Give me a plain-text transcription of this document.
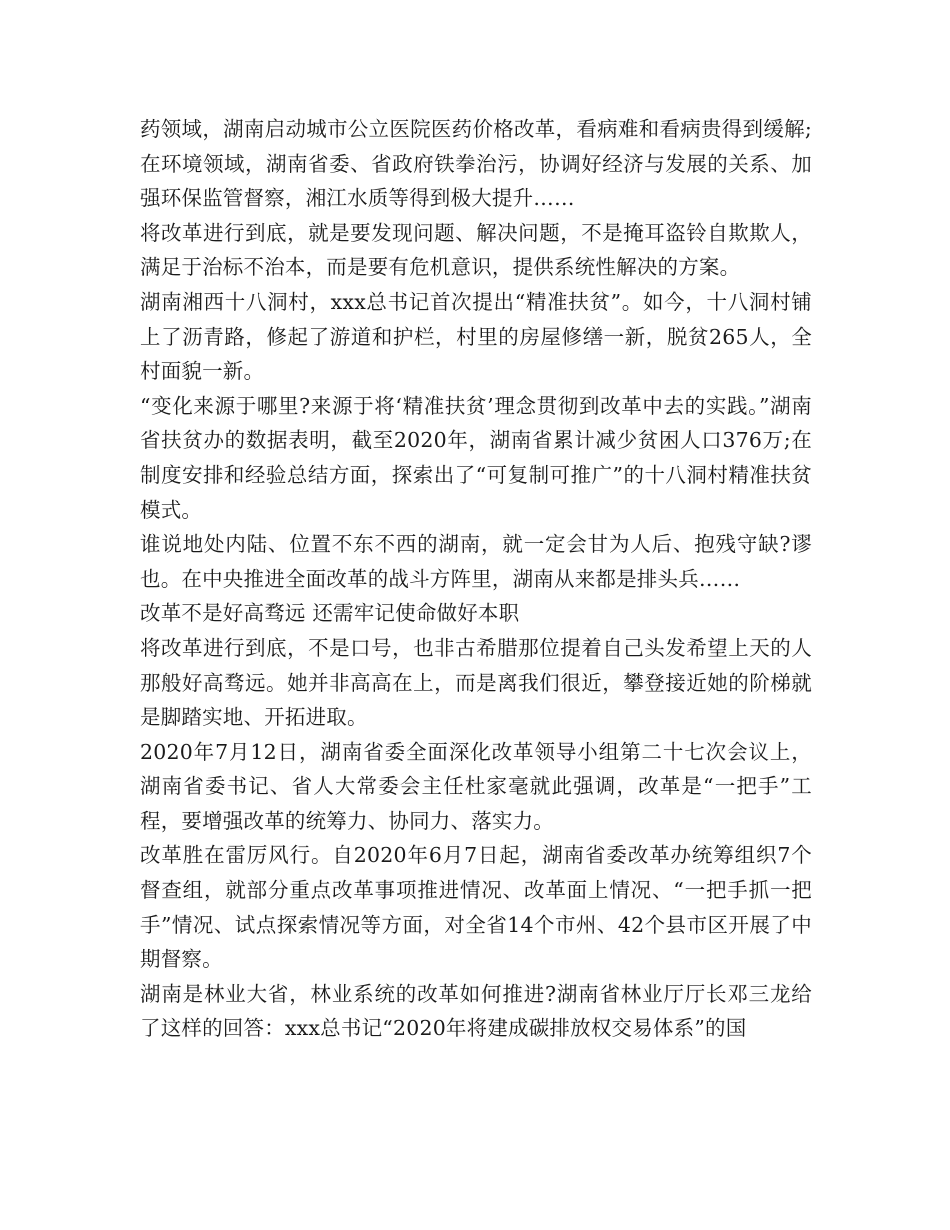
药领域，湖南启动城市公立医院医药价格改革，看病难和看病贵得到缓解;在环境领域，湖南省委、省政府铁拳治污，协调好经济与发展的关系、加强环保监管督察，湘江水质等得到极大提升……

将改革进行到底，就是要发现问题、解决问题，不是掩耳盗铃自欺欺人，满足于治标不治本，而是要有危机意识，提供系统性解决的方案。

湖南湘西十八洞村，xxx总书记首次提出“精准扶贫”。如今，十八洞村铺上了沥青路，修起了游道和护栏，村里的房屋修缮一新，脱贫265人，全村面貌一新。

“变化来源于哪里?来源于将‘精准扶贫’理念贯彻到改革中去的实践。”湖南省扶贫办的数据表明，截至2020年，湖南省累计减少贫困人口376万;在制度安排和经验总结方面，探索出了“可复制可推广”的十八洞村精准扶贫模式。

谁说地处内陆、位置不东不西的湖南，就一定会甘为人后、抱残守缺?谬也。在中央推进全面改革的战斗方阵里，湖南从来都是排头兵……

改革不是好高骛远 还需牢记使命做好本职

将改革进行到底，不是口号，也非古希腊那位提着自己头发希望上天的人那般好高骛远。她并非高高在上，而是离我们很近，攀登接近她的阶梯就是脚踏实地、开拓进取。

2020年7月12日，湖南省委全面深化改革领导小组第二十七次会议上，湖南省委书记、省人大常委会主任杜家毫就此强调，改革是“一把手”工程，要增强改革的统筹力、协同力、落实力。

改革胜在雷厉风行。自2020年6月7日起，湖南省委改革办统筹组织7个督查组，就部分重点改革事项推进情况、改革面上情况、“一把手抓一把手”情况、试点探索情况等方面，对全省14个市州、42个县市区开展了中期督察。

湖南是林业大省，林业系统的改革如何推进?湖南省林业厅厅长邓三龙给了这样的回答：xxx总书记“2020年将建成碳排放权交易体系”的国
